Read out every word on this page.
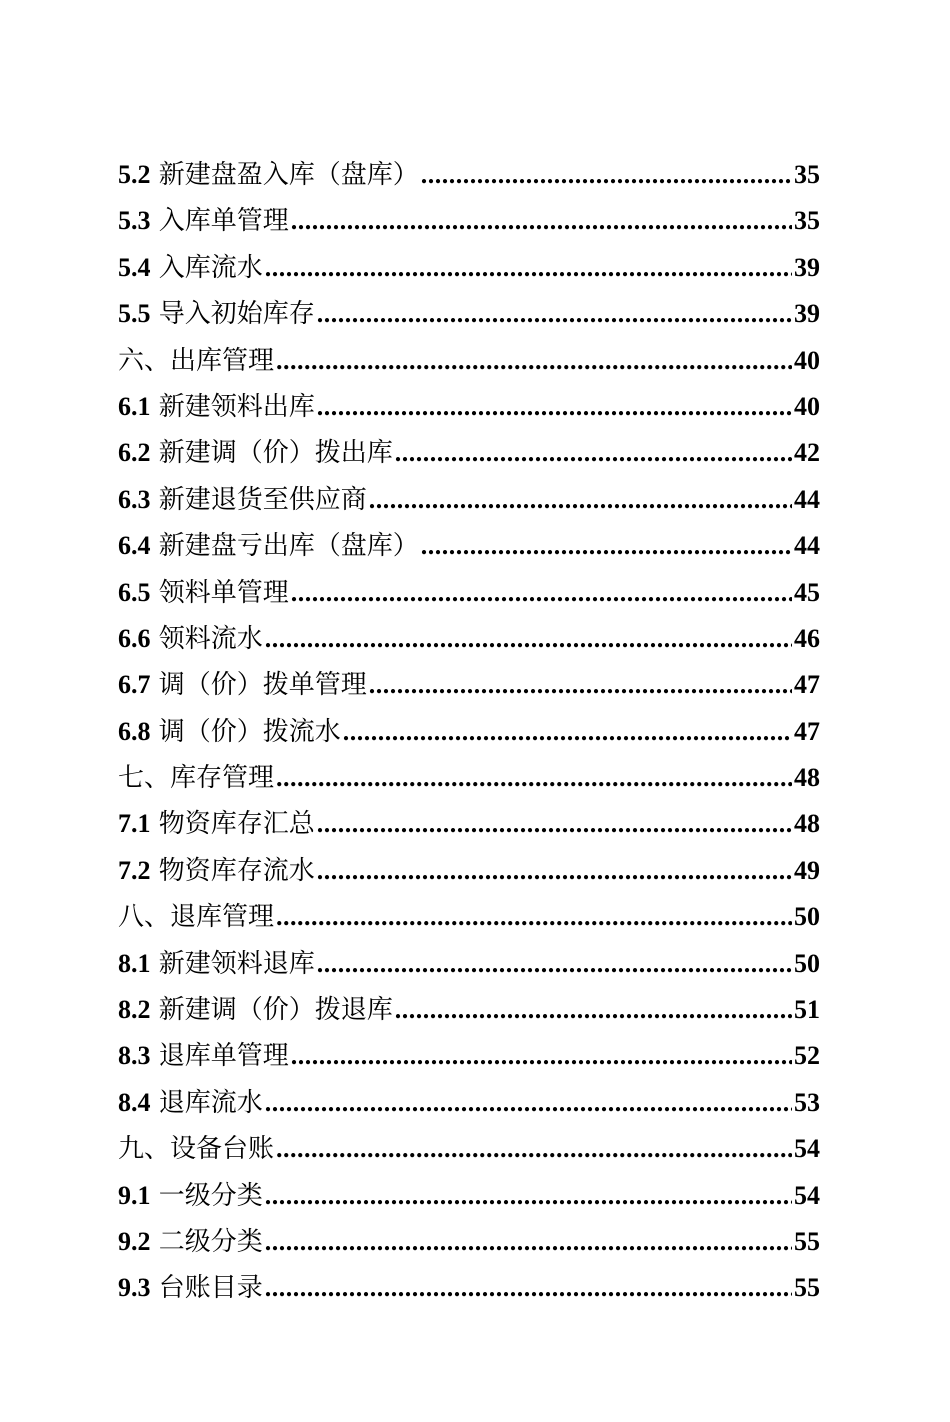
5.2 新建盘盈入库（盘库） .....	35
5.3 入库单管理 .....	35
5.4 入库流水 .....	39
5.5 导入初始库存 .....	39
六、出库管理 .....	40
6.1 新建领料出库 .....	40
6.2 新建调（价）拨出库 .....	42
6.3 新建退货至供应商 .....	44
6.4 新建盘亏出库（盘库） .....	44
6.5 领料单管理 .....	45
6.6 领料流水 .....	46
6.7 调（价）拨单管理 .....	47
6.8 调（价）拨流水 .....	47
七、库存管理 .....	48
7.1 物资库存汇总 .....	48
7.2 物资库存流水 .....	49
八、退库管理 .....	50
8.1 新建领料退库 .....	50
8.2 新建调（价）拨退库 .....	51
8.3 退库单管理 .....	52
8.4 退库流水 .....	53
九、设备台账 .....	54
9.1 一级分类 .....	54
9.2 二级分类 .....	55
9.3 台账目录 .....	55
